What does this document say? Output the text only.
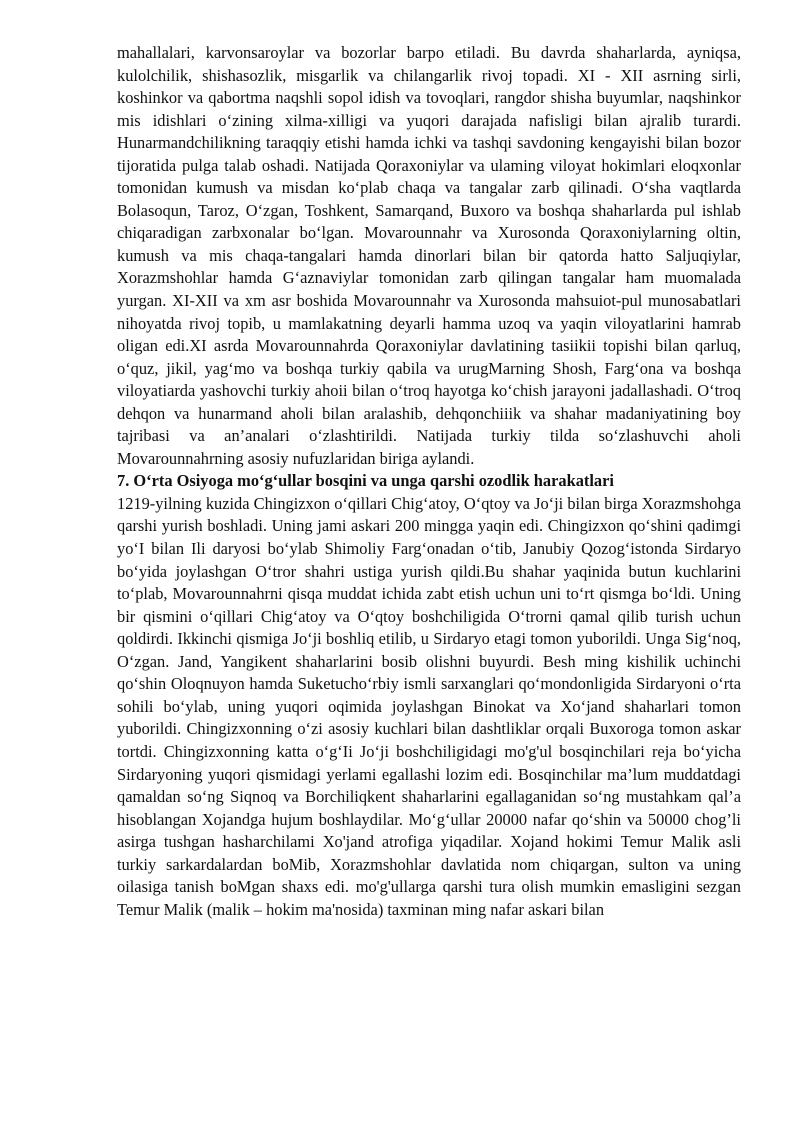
mahallalari, karvonsaroylar va bozorlar barpo etiladi. Bu davrda shaharlarda, ayniqsa, kulolchilik, shishasozlik, misgarlik va chilangarlik rivoj topadi. XI - XII asrning sirli, koshinkor va qabortma naqshli sopol idish va tovoqlari, rangdor shisha buyumlar, naqshinkor mis idishlari o‘zining xilma-xilligi va yuqori darajada nafisligi bilan ajralib turardi. Hunarmandchilikning taraqqiy etishi hamda ichki va tashqi savdoning kengayishi bilan bozor tijoratida pulga talab oshadi. Natijada Qoraxoniylar va ulaming viloyat hokimlari eloqxonlar tomonidan kumush va misdan ko‘plab chaqa va tangalar zarb qilinadi. O‘sha vaqtlarda Bolasoqun, Taroz, O‘zgan, Toshkent, Samarqand, Buxoro va boshqa shaharlarda pul ishlab chiqaradigan zarbxonalar bo‘lgan. Movarounnahr va Xurosonda Qoraxoniylarning oltin, kumush va mis chaqa-tangalari hamda dinorlari bilan bir qatorda hatto Saljuqiylar, Xorazmshohlar hamda G‘aznaviylar tomonidan zarb qilingan tangalar ham muomalada yurgan. XI-XII va xm asr boshida Movarounnahr va Xurosonda mahsuiot-pul munosabatlari nihoyatda rivoj topib, u mamlakatning deyarli hamma uzoq va yaqin viloyatlarini hamrab oligan edi.XI asrda Movarounnahrda Qoraxoniylar davlatining tasiikii topishi bilan qarluq, o‘quz, jikil, yag‘mo va boshqa turkiy qabila va urugMarning Shosh, Farg‘ona va boshqa viloyatiarda yashovchi turkiy ahoii bilan o‘troq hayotga ko‘chish jarayoni jadallashadi. O‘troq dehqon va hunarmand aholi bilan aralashib, dehqonchiiik va shahar madaniyatining boy tajribasi va an’analari o‘zlashtirildi. Natijada turkiy tilda so‘zlashuvchi aholi Movarounnahrning asosiy nufuzlaridan biriga aylandi.

7. O‘rta Osiyoga mo‘g‘ullar bosqini va unga qarshi ozodlik harakatlari

1219-yilning kuzida Chingizxon o‘qillari Chig‘atoy, O‘qtoy va Jo‘ji bilan birga Xorazmshohga qarshi yurish boshladi. Uning jami askari 200 mingga yaqin edi. Chingizxon qo‘shini qadimgi yo‘I bilan Ili daryosi bo‘ylab Shimoliy Farg‘onadan o‘tib, Janubiy Qozog‘istonda Sirdaryo bo‘yida joylashgan O‘tror shahri ustiga yurish qildi.Bu shahar yaqinida butun kuchlarini to‘plab, Movarounnahrni qisqa muddat ichida zabt etish uchun uni to‘rt qismga bo‘ldi. Uning bir qismini o‘qillari Chig‘atoy va O‘qtoy boshchiligida O‘trorni qamal qilib turish uchun qoldirdi. Ikkinchi qismiga Jo‘ji boshliq etilib, u Sirdaryo etagi tomon yuborildi. Unga Sig‘noq, O‘zgan. Jand, Yangikent shaharlarini bosib olishni buyurdi. Besh ming kishilik uchinchi qo‘shin Oloqnuyon hamda Suketucho‘rbiy ismli sarxanglari qo‘mondonligida Sirdaryoni o‘rta sohili bo‘ylab, uning yuqori oqimida joylashgan Binokat va Xo‘jand shaharlari tomon yuborildi. Chingizxonning o‘zi asosiy kuchlari bilan dashtliklar orqali Buxoroga tomon askar tortdi. Chingizxonning katta o‘g‘Ii Jo‘ji boshchiligidagi mo'g'ul bosqinchilari reja bo‘yicha Sirdaryoning yuqori qismidagi yerlami egallashi lozim edi. Bosqinchilar ma’lum muddatdagi qamaldan so‘ng Siqnoq va Borchiliqkent shaharlarini egallaganidan so‘ng mustahkam qal’a hisoblangan Xojandga hujum boshlaydilar. Mo‘g‘ullar 20000 nafar qo‘shin va 50000 chog’li asirga tushgan hasharchilami Xo'jand atrofiga yiqadilar. Xojand hokimi Temur Malik asli turkiy sarkardalardan boMib, Xorazmshohlar davlatida nom chiqargan, sulton va uning oilasiga tanish boMgan shaxs edi. mo'g'ullarga qarshi tura olish mumkin emasligini sezgan Temur Malik (malik – hokim ma'nosida) taxminan ming nafar askari bilan
